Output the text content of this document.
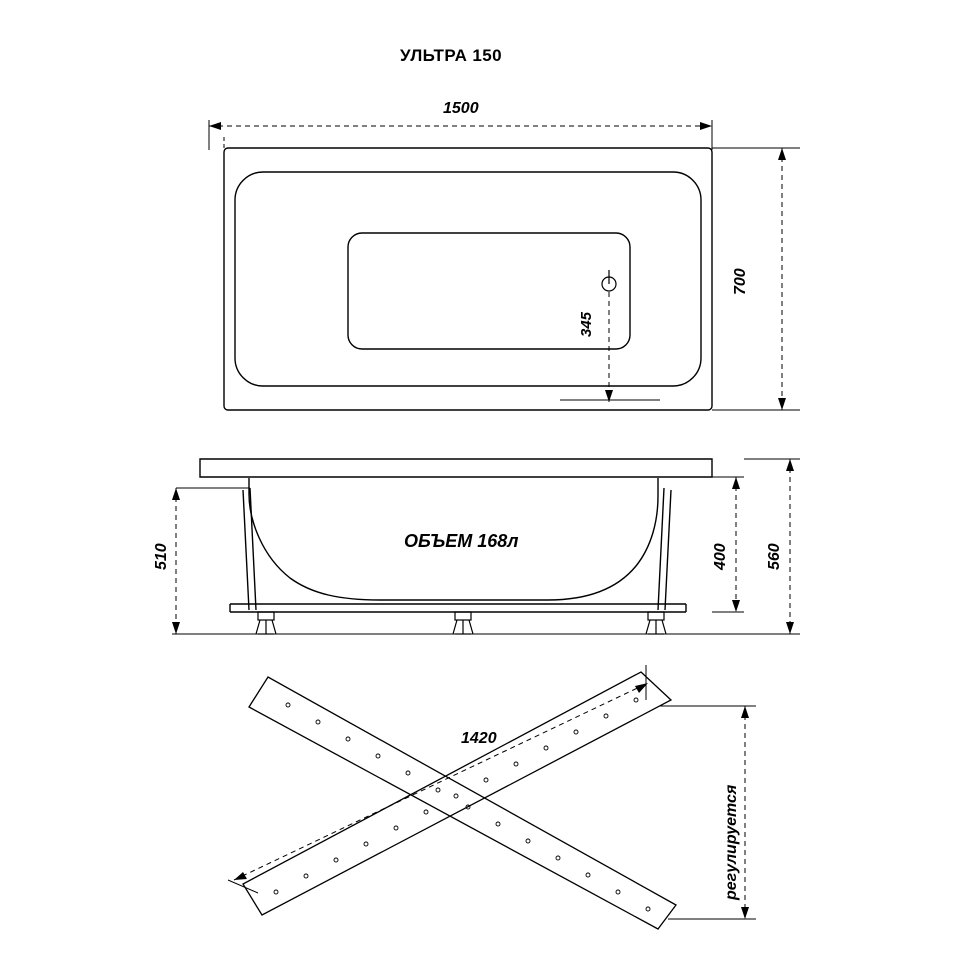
УЛЬТРА 150
1500
700
345
510
ОБЪЕМ 168л
400 560
1420
регулируется
